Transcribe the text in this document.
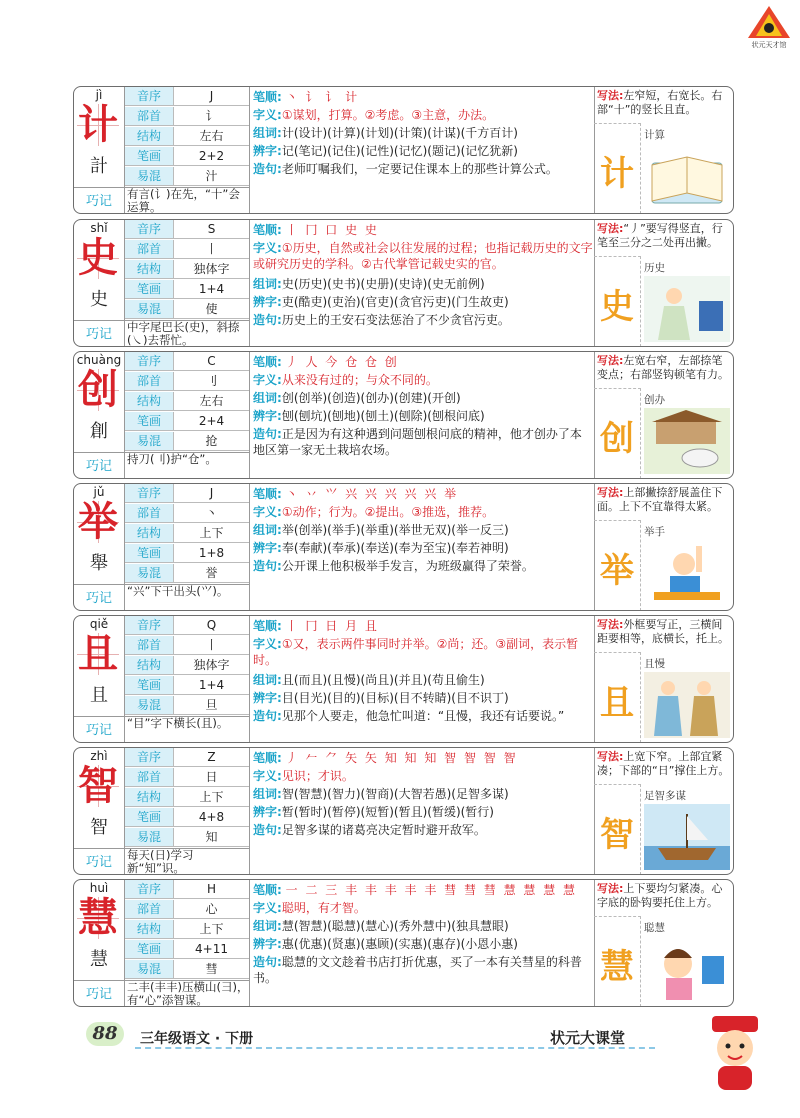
状元天才馆
jì
计
計
音序	J
部首	讠
结构	左右
笔画	2+2
易混	汁
巧记	有言(讠)在先，“十”会运算。
笔顺: 丶 讠 讠 计
字义:①谋划，打算。②考虑。③主意，办法。
组词:计(设计)(计算)(计划)(计策)(计谋)(千方百计)
辨字:记(笔记)(记住)(记性)(记忆)(题记)(记忆犹新)
造句:老师叮嘱我们，一定要记住课本上的那些计算公式。
写法:左窄短，右宽长。右部“十”的竖长且直。
计
计算
shǐ
史
史
音序	S
部首	丨
结构	独体字
笔画	1+4
易混	使
巧记	中字尾巴长(史)，斜捺(㇏)去帮忙。
笔顺: 丨 冂 口 史 史
字义:①历史，自然或社会以往发展的过程；也指记载历史的文字或研究历史的学科。②古代掌管记载史实的官。
组词:史(历史)(史书)(史册)(史诗)(史无前例)
辨字:吏(酷吏)(吏治)(官吏)(贪官污吏)(门生故吏)
造句:历史上的王安石变法惩治了不少贪官污吏。
写法:“丿”要写得竖直，行笔至三分之二处再出撇。
史
历史
chuàng
创
創
音序	C
部首	刂
结构	左右
笔画	2+4
易混	抢
巧记	持刀(刂)护“仓”。
笔顺: 丿 人 今 仓 仓 创
字义:从来没有过的；与众不同的。
组词:创(创举)(创造)(创办)(创建)(开创)
辨字:刨(刨坑)(刨地)(刨土)(刨除)(刨根问底)
造句:正是因为有这种遇到问题刨根问底的精神，他才创办了本地区第一家无土栽培农场。
写法:左宽右窄，左部捺笔变点；右部竖钩顿笔有力。
创
创办
jǔ
举
舉
音序	J
部首	丶
结构	上下
笔画	1+8
易混	誉
巧记	“兴”下干出头(⺍)。
笔顺: 丶 丷 ⺍ 兴 兴 兴 兴 兴 举
字义:①动作；行为。②提出。③推选，推荐。
组词:举(创举)(举手)(举重)(举世无双)(举一反三)
辨字:奉(奉献)(奉承)(奉送)(奉为至宝)(奉若神明)
造句:公开课上他积极举手发言，为班级赢得了荣誉。
写法:上部撇捺舒展盖住下面。上下不宜靠得太紧。
举
举手
qiě
且
且
音序	Q
部首	丨
结构	独体字
笔画	1+4
易混	旦
巧记	“目”字下横长(且)。
笔顺: 丨 冂 日 月 且
字义:①又，表示两件事同时并举。②尚；还。③副词，表示暂时。
组词:且(而且)(且慢)(尚且)(并且)(苟且偷生)
辨字:目(目光)(目的)(目标)(目不转睛)(目不识丁)
造句:见那个人要走，他急忙叫道：“且慢，我还有话要说。”
写法:外框要写正，三横间距要相等，底横长，托上。
且
且慢
zhì
智
智
音序	Z
部首	日
结构	上下
笔画	4+8
易混	知
巧记	每天(日)学习新“知”识。
笔顺: 丿 𠂉 ⺈ 矢 矢 知 知 知 智 智 智 智
字义:见识；才识。
组词:智(智慧)(智力)(智商)(大智若愚)(足智多谋)
辨字:暂(暂时)(暂停)(短暂)(暂且)(暂缓)(暂行)
造句:足智多谋的诸葛亮决定暂时避开敌军。
写法:上宽下窄。上部宜紧凑；下部的“日”撑住上方。
智
足智多谋
huì
慧
慧
音序	H
部首	心
结构	上下
笔画	4+11
易混	彗
巧记	二丰(丰丰)压横山(彐)，有“心”添智谋。
笔顺: 一 二 三 丰 丰 丰 丰 丰 彗 彗 彗 慧 慧 慧 慧
字义:聪明，有才智。
组词:慧(智慧)(聪慧)(慧心)(秀外慧中)(独具慧眼)
辨字:惠(优惠)(贤惠)(惠顾)(实惠)(惠存)(小恩小惠)
造句:聪慧的文文趁着书店打折优惠，买了一本有关彗星的科普书。
写法:上下要均匀紧凑。心字底的卧钩要托住上方。
慧
聪慧
88	三年级语文 · 下册	状元大课堂
